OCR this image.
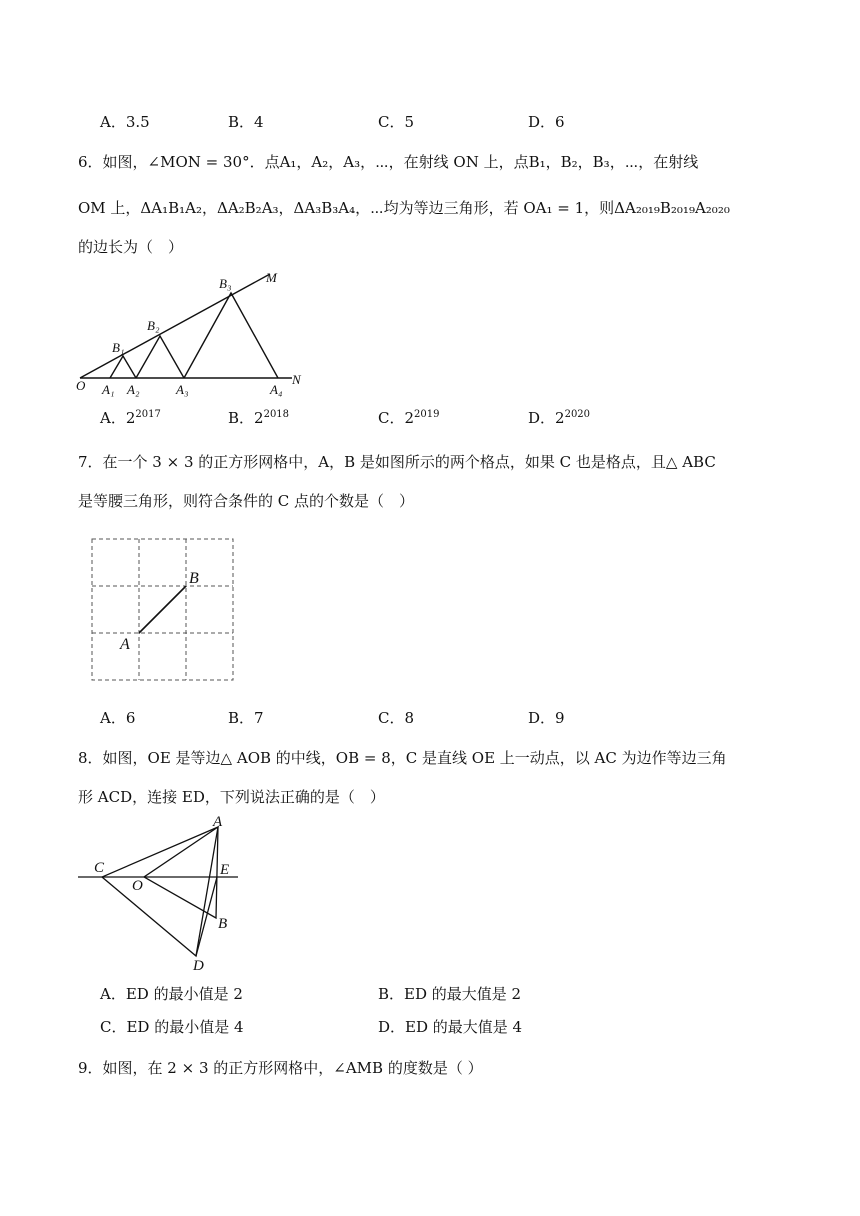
A．3.5	B．4	C．5	D．6
6．如图，∠MON = 30°．点A₁，A₂，A₃，⋯，在射线 ON 上，点B₁，B₂，B₃，⋯，在射线
OM 上，ΔA₁B₁A₂，ΔA₂B₂A₃，ΔA₃B₃A₄，⋯均为等边三角形，若 OA₁ = 1，则ΔA₂₀₁₉B₂₀₁₉A₂₀₂₀
的边长为（　）
O A₁ A₂	A₃	A₄
N
M
B₁
B₂
B₃
A．$2^{2017}$	B．$2^{2018}$	C．$2^{2019}$	D．$2^{2020}$
7．在一个 3 × 3 的正方形网格中，A，B 是如图所示的两个格点，如果 C 也是格点，且△ ABC
是等腰三角形，则符合条件的 C 点的个数是（　）
A
B
A．6	B．7	C．8	D．9
8．如图，OE 是等边△ AOB 的中线，OB = 8，C 是直线 OE 上一动点，以 AC 为边作等边三角
形 ACD，连接 ED，下列说法正确的是（　）
A
C
O
E
B
D
A．ED 的最小值是 2	B．ED 的最大值是 2
C．ED 的最小值是 4	D．ED 的最大值是 4
9．如图，在 2 × 3 的正方形网格中，∠AMB 的度数是（ ）
